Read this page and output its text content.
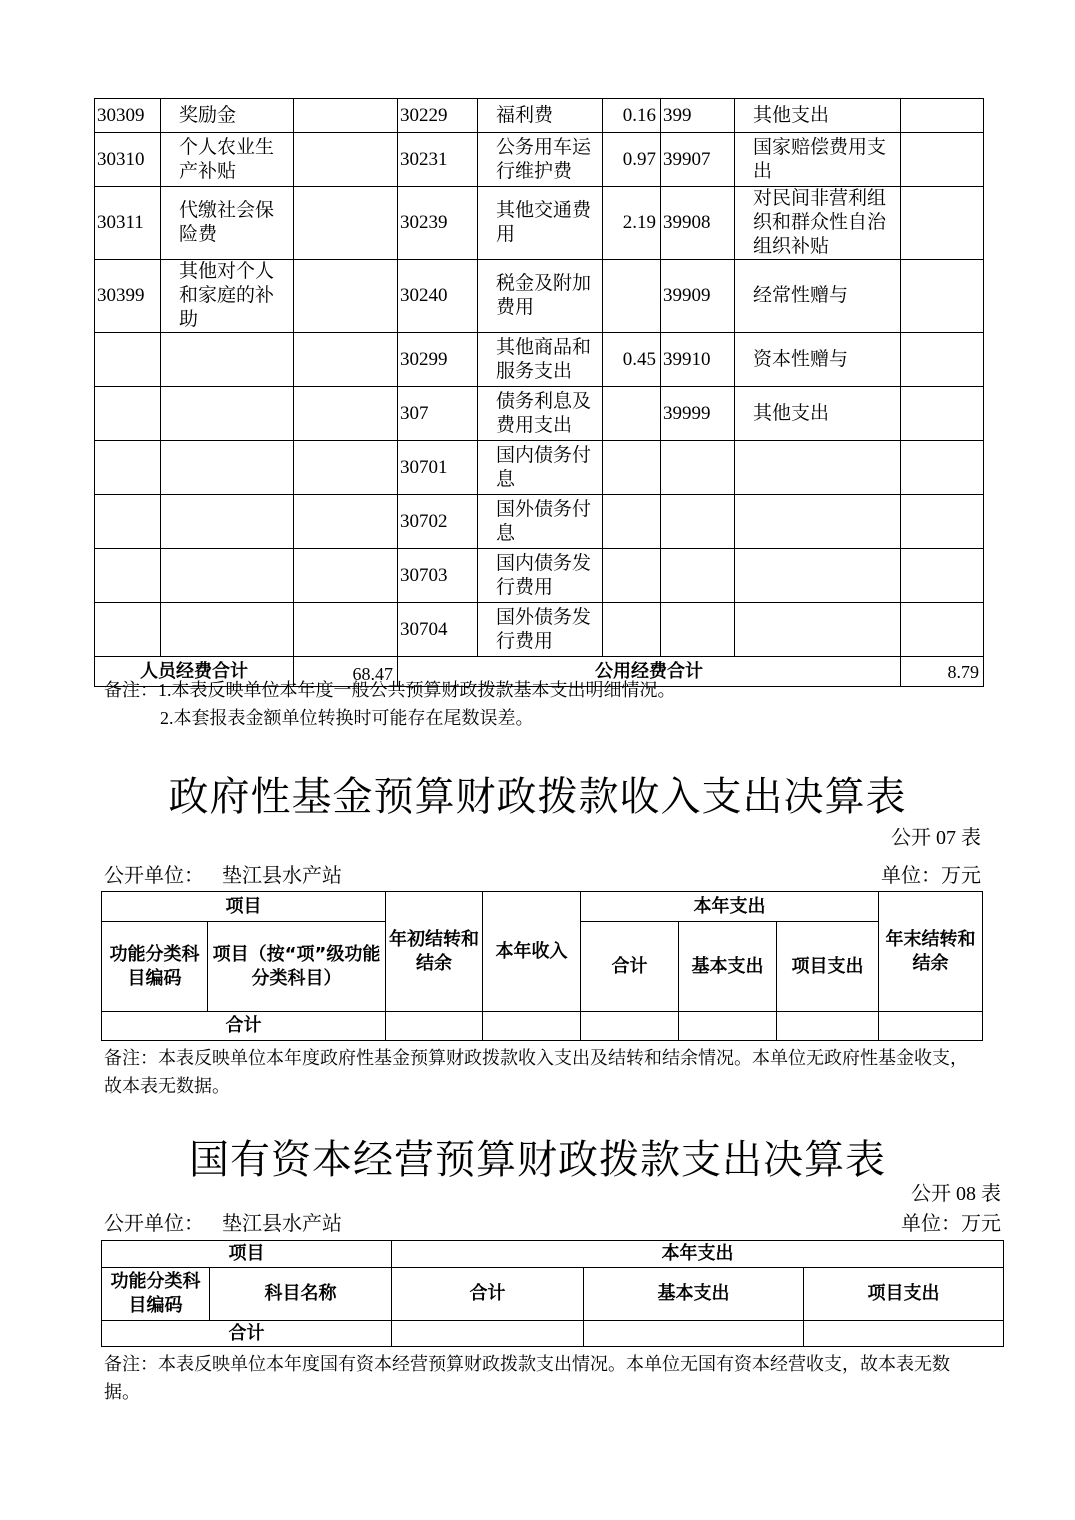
30309	奖励金		30229	福利费	0.16	399	其他支出	
30310	个人农业生产补贴		30231	公务用车运行维护费	0.97	39907	国家赔偿费用支出	
30311	代缴社会保险费		30239	其他交通费用	2.19	39908	对民间非营利组织和群众性自治组织补贴	
30399	其他对个人和家庭的补助		30240	税金及附加费用		39909	经常性赠与	
			30299	其他商品和服务支出	0.45	39910	资本性赠与	
			307	债务利息及费用支出		39999	其他支出	
			30701	国内债务付息				
			30702	国外债务付息				
			30703	国内债务发行费用				
			30704	国外债务发行费用				
人员经费合计		68.47	公用经费合计					8.79
备注：1.本表反映单位本年度一般公共预算财政拨款基本支出明细情况。
2.本套报表金额单位转换时可能存在尾数误差。
政府性基金预算财政拨款收入支出决算表
公开 07 表
公开单位： 垫江县水产站	单位：万元
项目		年初结转和结余	本年收入	本年支出			年末结转和结余
功能分类科目编码	项目（按“项”级功能分类科目）			合计	基本支出	项目支出	
合计							
备注：本表反映单位本年度政府性基金预算财政拨款收入支出及结转和结余情况。本单位无政府性基金收支，故本表无数据。
国有资本经营预算财政拨款支出决算表
公开 08 表
公开单位： 垫江县水产站	单位：万元
项目		本年支出		
功能分类科目编码	科目名称	合计	基本支出	项目支出
合计				
备注：本表反映单位本年度国有资本经营预算财政拨款支出情况。本单位无国有资本经营收支，故本表无数据。
